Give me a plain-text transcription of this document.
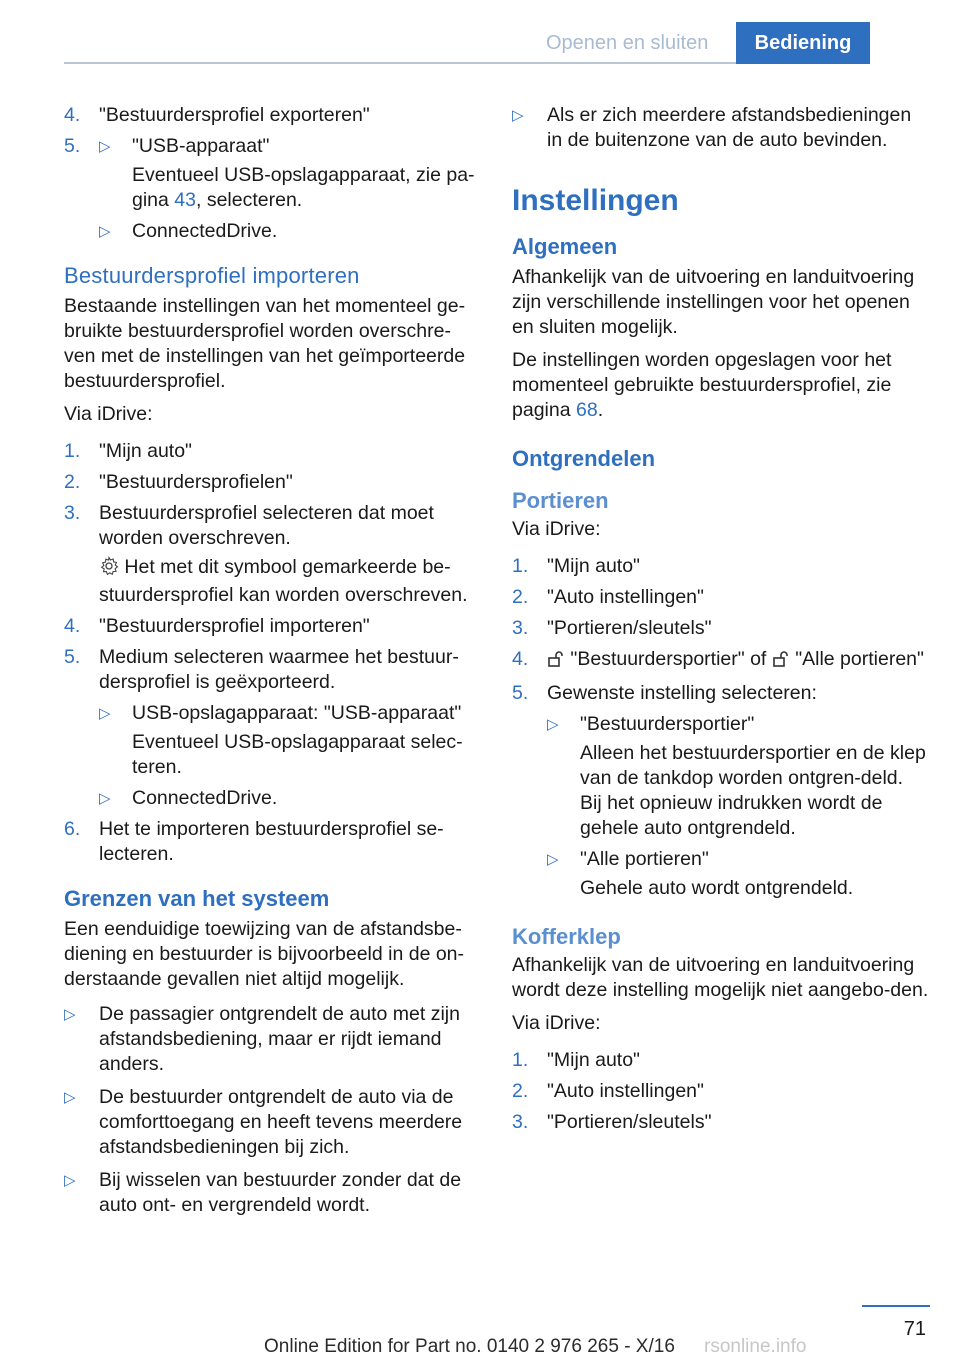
Openen en sluiten	Bediening
4. "Bestuurdersprofiel exporteren"
5. ▷ "USB-apparaat"
Eventueel USB-opslagapparaat, zie pa-gina 43, selecteren.
▷ ConnectedDrive.
Bestuurdersprofiel importeren
Bestaande instellingen van het momenteel ge-bruikte bestuurdersprofiel worden overschre-ven met de instellingen van het geïmporteerde bestuurdersprofiel.
Via iDrive:
1. "Mijn auto"
2. "Bestuurdersprofielen"
3. Bestuurdersprofiel selecteren dat moet worden overschreven.
Het met dit symbool gemarkeerde be-stuurdersprofiel kan worden overschreven.
4. "Bestuurdersprofiel importeren"
5. Medium selecteren waarmee het bestuur-dersprofiel is geëxporteerd.
▷ USB-opslagapparaat: "USB-apparaat"
Eventueel USB-opslagapparaat selec-teren.
▷ ConnectedDrive.
6. Het te importeren bestuurdersprofiel se-lecteren.
Grenzen van het systeem
Een eenduidige toewijzing van de afstandsbe-diening en bestuurder is bijvoorbeeld in de on-derstaande gevallen niet altijd mogelijk.
▷ De passagier ontgrendelt de auto met zijn afstandsbediening, maar er rijdt iemand anders.
▷ De bestuurder ontgrendelt de auto via de comforttoegang en heeft tevens meerdere afstandsbedieningen bij zich.
▷ Bij wisselen van bestuurder zonder dat de auto ont- en vergrendeld wordt.
▷ Als er zich meerdere afstandsbedieningen in de buitenzone van de auto bevinden.
Instellingen
Algemeen
Afhankelijk van de uitvoering en landuitvoering zijn verschillende instellingen voor het openen en sluiten mogelijk.
De instellingen worden opgeslagen voor het momenteel gebruikte bestuurdersprofiel, zie pagina 68.
Ontgrendelen
Portieren
Via iDrive:
1. "Mijn auto"
2. "Auto instellingen"
3. "Portieren/sleutels"
4. "Bestuurdersportier" of  "Alle portieren"
5. Gewenste instelling selecteren:
▷ "Bestuurdersportier"
Alleen het bestuurdersportier en de klep van de tankdop worden ontgren-deld. Bij het opnieuw indrukken wordt de gehele auto ontgrendeld.
▷ "Alle portieren"
Gehele auto wordt ontgrendeld.
Kofferklep
Afhankelijk van de uitvoering en landuitvoering wordt deze instelling mogelijk niet aangebo-den.
Via iDrive:
1. "Mijn auto"
2. "Auto instellingen"
3. "Portieren/sleutels"
71
Online Edition for Part no. 0140 2 976 265 - X/16 rsonline.info
